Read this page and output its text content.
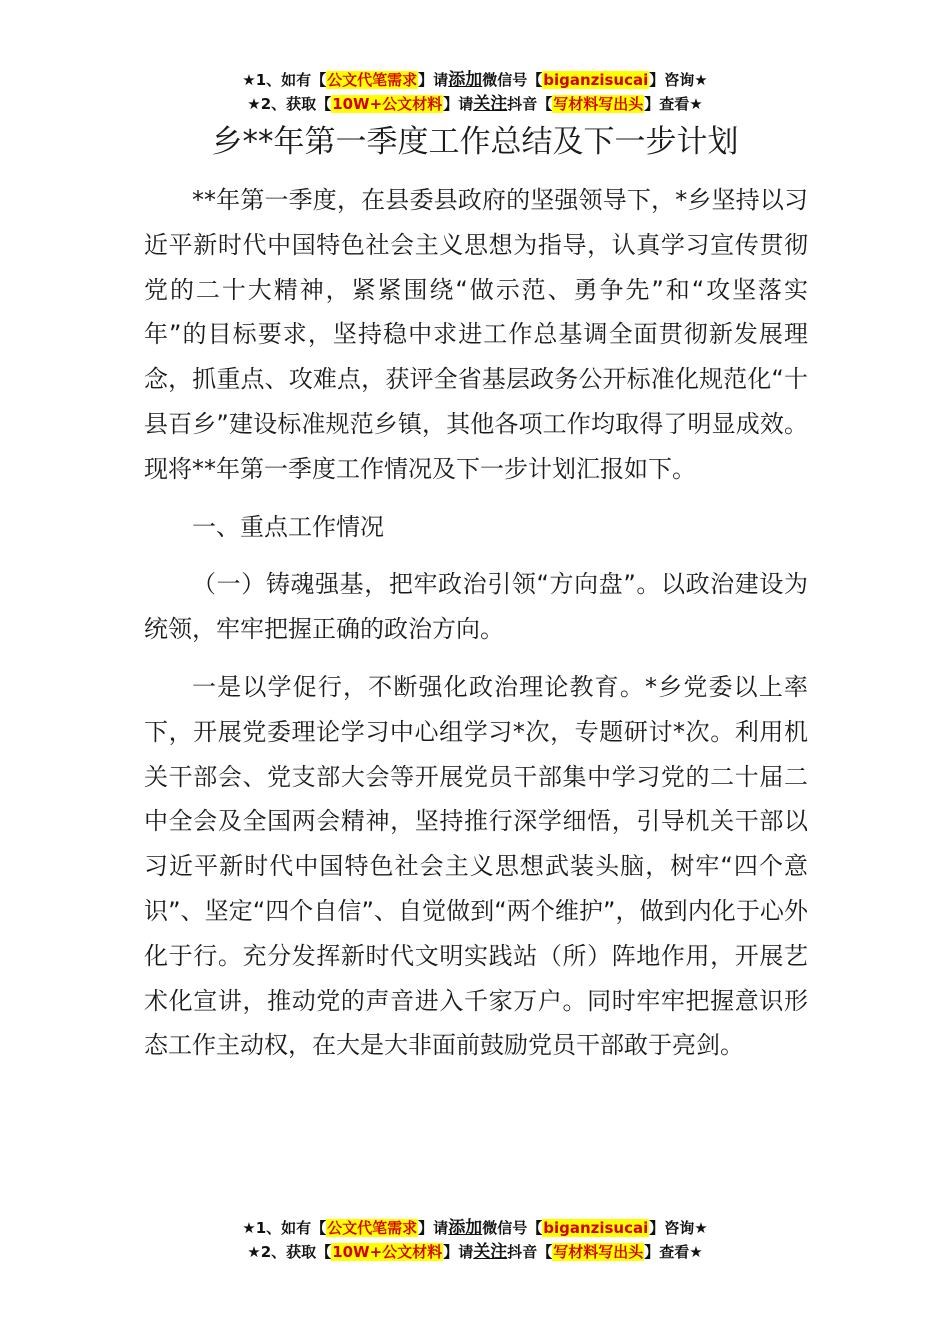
★1、如有【公文代笔需求】请添加微信号【biganzisucai】咨询★
★2、获取【10W+公文材料】请关注抖音【写材料写出头】查看★
乡**年第一季度工作总结及下一步计划

**年第一季度，在县委县政府的坚强领导下，*乡坚持以习近平新时代中国特色社会主义思想为指导，认真学习宣传贯彻党的二十大精神，紧紧围绕“做示范、勇争先”和“攻坚落实年”的目标要求，坚持稳中求进工作总基调全面贯彻新发展理念，抓重点、攻难点，获评全省基层政务公开标准化规范化“十县百乡”建设标准规范乡镇，其他各项工作均取得了明显成效。现将**年第一季度工作情况及下一步计划汇报如下。

一、重点工作情况

（一）铸魂强基，把牢政治引领“方向盘”。以政治建设为统领，牢牢把握正确的政治方向。

一是以学促行，不断强化政治理论教育。*乡党委以上率下，开展党委理论学习中心组学习*次，专题研讨*次。利用机关干部会、党支部大会等开展党员干部集中学习党的二十届二中全会及全国两会精神，坚持推行深学细悟，引导机关干部以习近平新时代中国特色社会主义思想武装头脑，树牢“四个意识”、坚定“四个自信”、自觉做到“两个维护”，做到内化于心外化于行。充分发挥新时代文明实践站（所）阵地作用，开展艺术化宣讲，推动党的声音进入千家万户。同时牢牢把握意识形态工作主动权，在大是大非面前鼓励党员干部敢于亮剑。

★1、如有【公文代笔需求】请添加微信号【biganzisucai】咨询★
★2、获取【10W+公文材料】请关注抖音【写材料写出头】查看★
